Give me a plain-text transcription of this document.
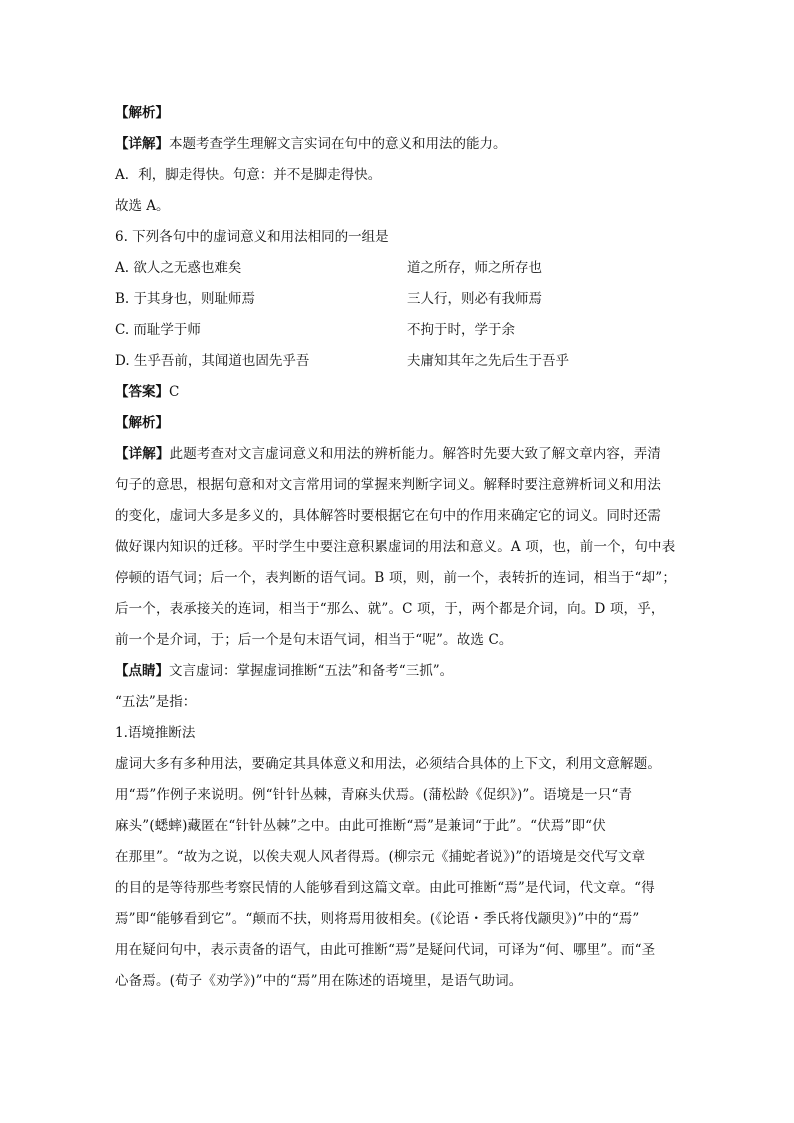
【解析】
【详解】本题考查学生理解文言实词在句中的意义和用法的能力。
A．利，脚走得快。句意：并不是脚走得快。
故选 A。
6. 下列各句中的虚词意义和用法相同的一组是
A. 欲人之无惑也难矣	道之所存，师之所存也
B. 于其身也，则耻师焉	三人行，则必有我师焉
C. 而耻学于师	不拘于时，学于余
D. 生乎吾前，其闻道也固先乎吾	夫庸知其年之先后生于吾乎
【答案】C
【解析】
【详解】此题考查对文言虚词意义和用法的辨析能力。解答时先要大致了解文章内容，弄清
句子的意思，根据句意和对文言常用词的掌握来判断字词义。解释时要注意辨析词义和用法
的变化，虚词大多是多义的，具体解答时要根据它在句中的作用来确定它的词义。同时还需
做好课内知识的迁移。平时学生中要注意积累虚词的用法和意义。A 项，也，前一个，句中表
停顿的语气词；后一个，表判断的语气词。B 项，则，前一个，表转折的连词，相当于“却”；
后一个，表承接关的连词，相当于“那么、就”。C 项，于，两个都是介词，向。D 项，乎，
前一个是介词，于；后一个是句末语气词，相当于“呢”。故选 C。
【点睛】文言虚词：掌握虚词推断“五法”和备考“三抓”。
“五法”是指：
1.语境推断法
虚词大多有多种用法，要确定其具体意义和用法，必须结合具体的上下文，利用文意解题。
用“焉”作例子来说明。例“针针丛棘，青麻头伏焉。(蒲松龄《促织》)”。语境是一只“青
麻头”(蟋蟀)藏匿在“针针丛棘”之中。由此可推断“焉”是兼词“于此”。“伏焉”即“伏
在那里”。“故为之说，以俟夫观人风者得焉。(柳宗元《捕蛇者说》)”的语境是交代写文章
的目的是等待那些考察民情的人能够看到这篇文章。由此可推断“焉”是代词，代文章。“得
焉”即“能够看到它”。“颠而不扶，则将焉用彼相矣。(《论语・季氏将伐颛臾》)”中的“焉”
用在疑问句中，表示责备的语气，由此可推断“焉”是疑问代词，可译为“何、哪里”。而“圣
心备焉。(荀子《劝学》)”中的“焉”用在陈述的语境里，是语气助词。
